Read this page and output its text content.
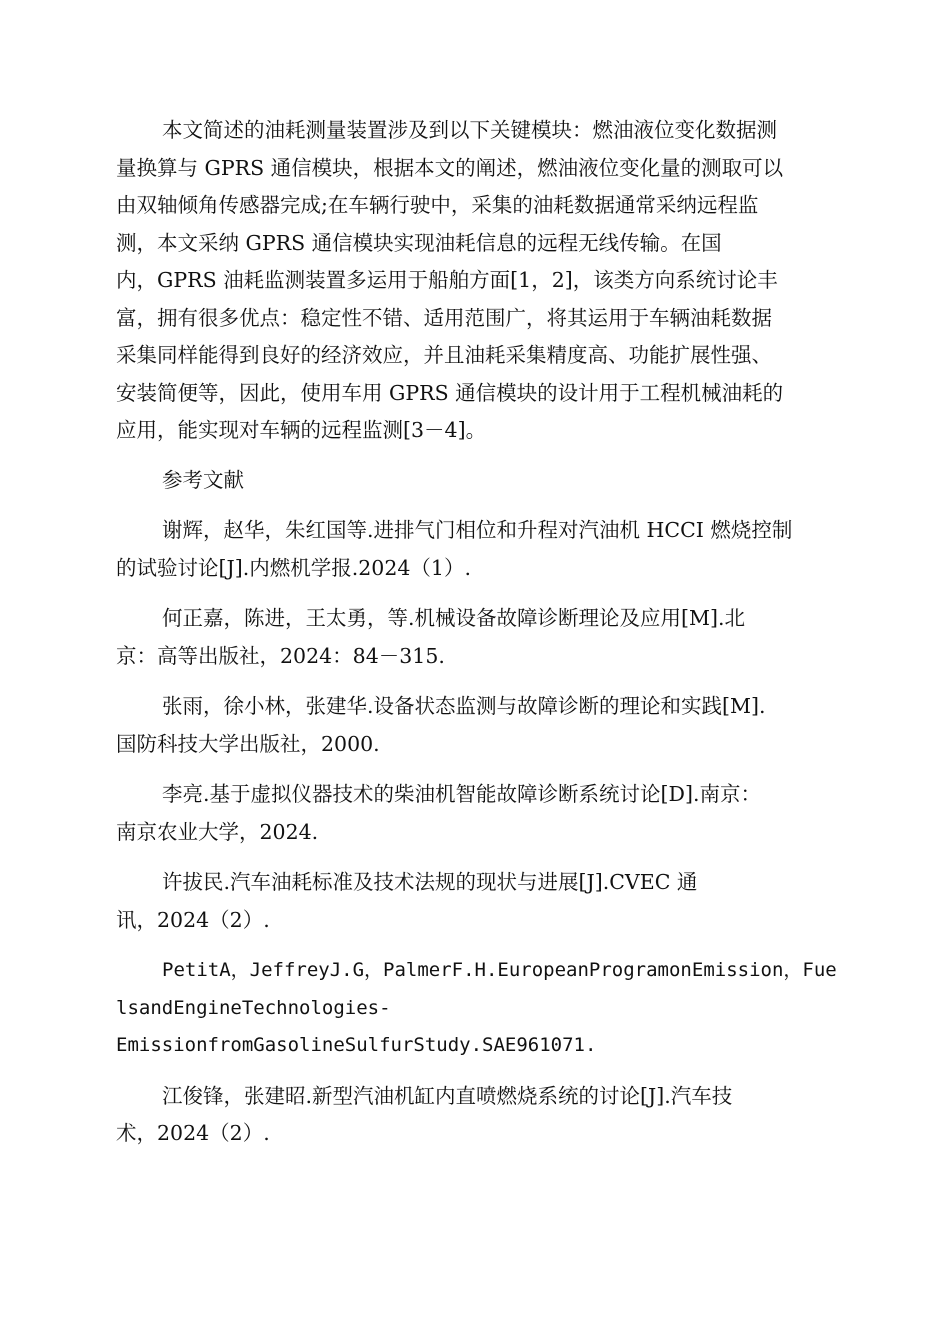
本文简述的油耗测量装置涉及到以下关键模块：燃油液位变化数据测
量换算与 GPRS 通信模块，根据本文的阐述，燃油液位变化量的测取可以
由双轴倾角传感器完成;在车辆行驶中，采集的油耗数据通常采纳远程监
测，本文采纳 GPRS 通信模块实现油耗信息的远程无线传输。在国
内，GPRS 油耗监测装置多运用于船舶方面[1，2]，该类方向系统讨论丰
富，拥有很多优点：稳定性不错、适用范围广，将其运用于车辆油耗数据
采集同样能得到良好的经济效应，并且油耗采集精度高、功能扩展性强、
安装简便等，因此，使用车用 GPRS 通信模块的设计用于工程机械油耗的
应用，能实现对车辆的远程监测[3－4]。

参考文献

谢辉，赵华，朱红国等.进排气门相位和升程对汽油机 HCCI 燃烧控制
的试验讨论[J].内燃机学报.2024（1）.

何正嘉，陈进，王太勇，等.机械设备故障诊断理论及应用[M].北
京：高等出版社，2024：84－315.

张雨，徐小林，张建华.设备状态监测与故障诊断的理论和实践[M].
国防科技大学出版社，2000.

李亮.基于虚拟仪器技术的柴油机智能故障诊断系统讨论[D].南京：
南京农业大学，2024.

许拔民.汽车油耗标准及技术法规的现状与进展[J].CVEC 通
讯，2024（2）.

PetitA，JeffreyJ.G，PalmerF.H.EuropeanProgramonEmission，Fue
lsandEngineTechnologies-
EmissionfromGasolineSulfurStudy.SAE961071.

江俊锋，张建昭.新型汽油机缸内直喷燃烧系统的讨论[J].汽车技
术，2024（2）.
